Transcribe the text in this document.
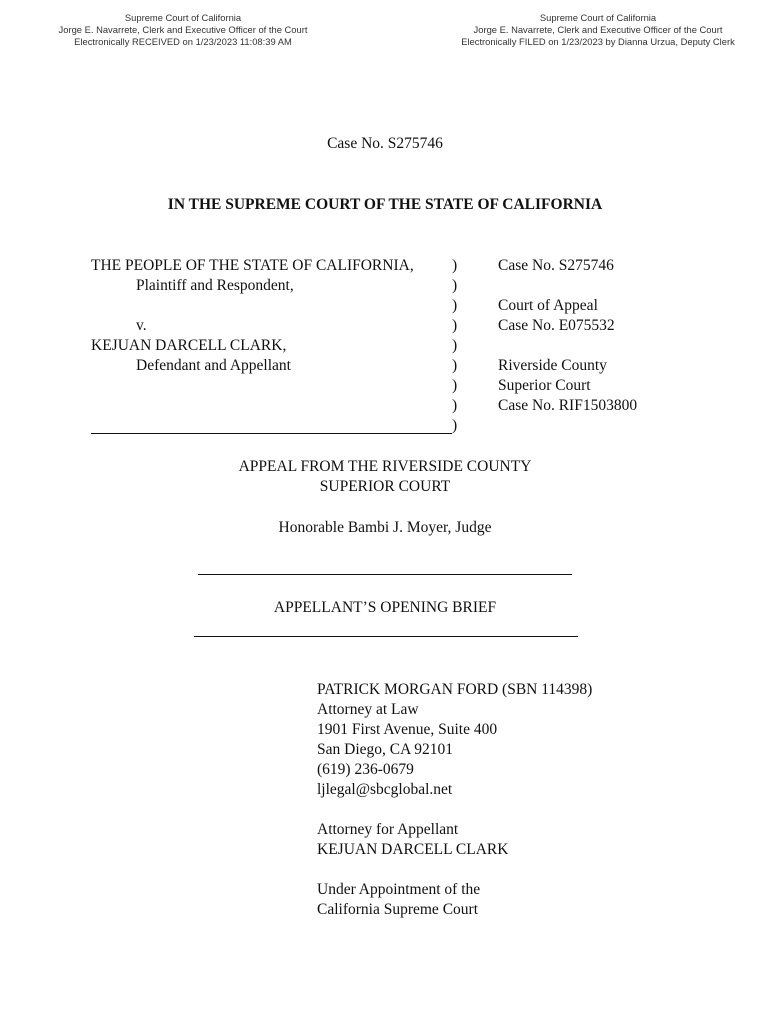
Supreme Court of California
Jorge E. Navarrete, Clerk and Executive Officer of the Court
Electronically RECEIVED on 1/23/2023 11:08:39 AM
Supreme Court of California
Jorge E. Navarrete, Clerk and Executive Officer of the Court
Electronically FILED on 1/23/2023 by Dianna Urzua, Deputy Clerk
Case No. S275746
IN THE SUPREME COURT OF THE STATE OF CALIFORNIA
THE PEOPLE OF THE STATE OF CALIFORNIA,
Plaintiff and Respondent,
v.
KEJUAN DARCELL CLARK,
Defendant and Appellant
)
)
)
)
)
)
)
)
)
Case No. S275746
Court of Appeal
Case No. E075532
Riverside County
Superior Court
Case No. RIF1503800
APPEAL FROM THE RIVERSIDE COUNTY
SUPERIOR COURT
Honorable Bambi J. Moyer, Judge
APPELLANT’S OPENING BRIEF
PATRICK MORGAN FORD (SBN 114398)
Attorney at Law
1901 First Avenue, Suite 400
San Diego, CA 92101
(619) 236-0679
ljlegal@sbcglobal.net
Attorney for Appellant
KEJUAN DARCELL CLARK
Under Appointment of the
California Supreme Court
